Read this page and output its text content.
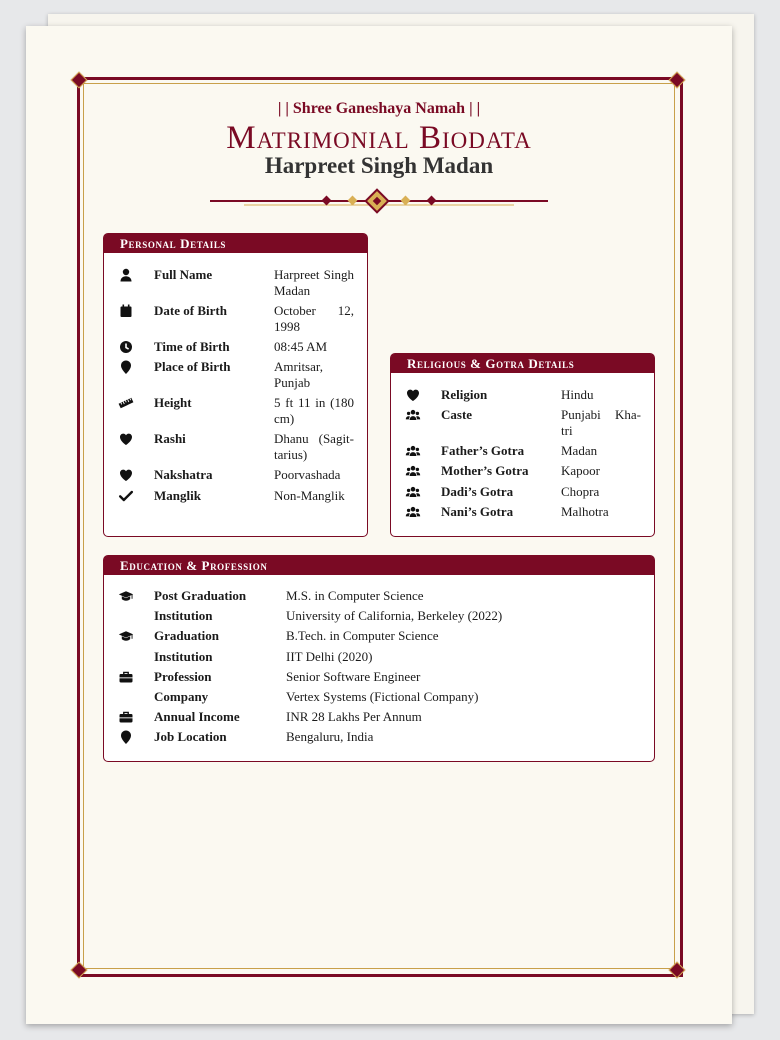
| | Shree Ganeshaya Namah | |
Matrimonial Biodata
Harpreet Singh Madan
Personal Details
Full Name	Harpreet Singh Madan
Date of Birth	October 12, 1998
Time of Birth	08:45 AM
Place of Birth	Amritsar, Punjab
Height	5 ft 11 in (180 cm)
Rashi	Dhanu (Sagit-tarius)
Nakshatra	Poorvashada
Manglik	Non-Manglik
Religious & Gotra Details
Religion	Hindu
Caste	Punjabi Kha-tri
Father’s Gotra	Madan
Mother’s Gotra	Kapoor
Dadi’s Gotra	Chopra
Nani’s Gotra	Malhotra
Education & Profession
Post Graduation	M.S. in Computer Science
Institution	University of California, Berkeley (2022)
Graduation	B.Tech. in Computer Science
Institution	IIT Delhi (2020)
Profession	Senior Software Engineer
Company	Vertex Systems (Fictional Company)
Annual Income	INR 28 Lakhs Per Annum
Job Location	Bengaluru, India
